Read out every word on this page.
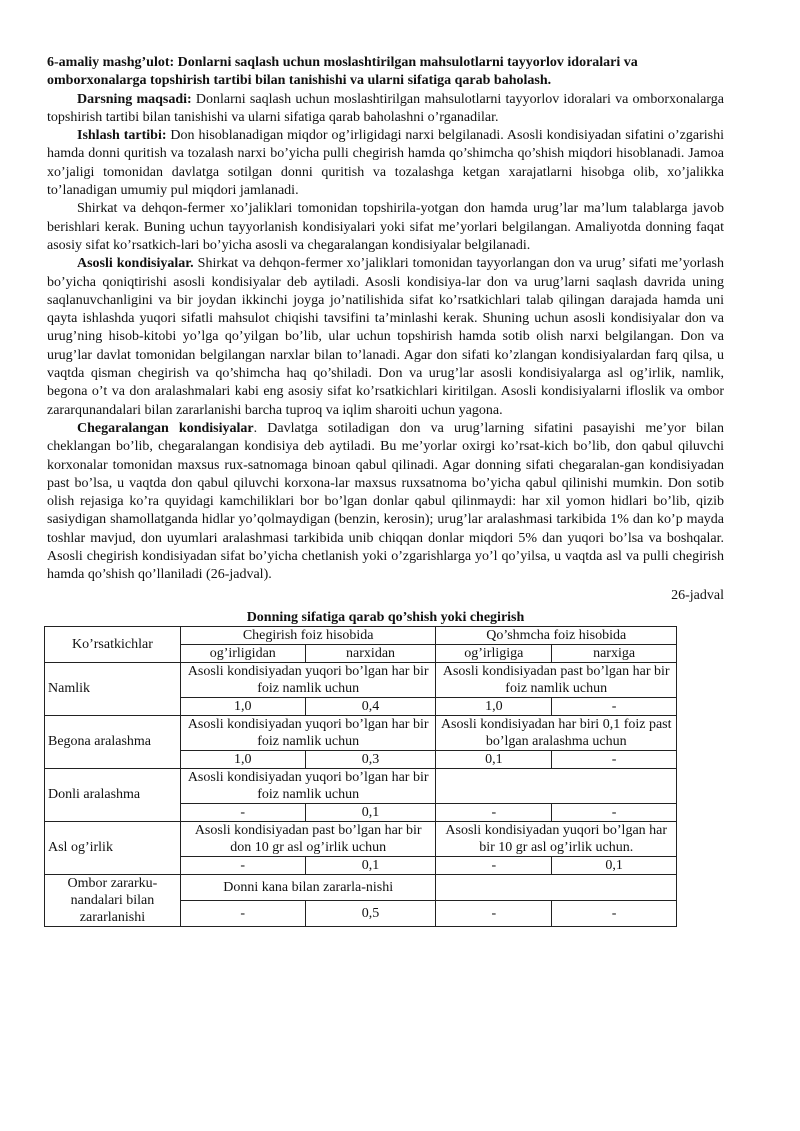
6-amaliy mashg’ulot: Donlarni saqlash uchun moslashtirilgan mahsulotlarni tayyorlov idoralari va omborxonalarga topshirish tartibi bilan tanishishi va ularni sifatiga qarab baholash.

Darsning maqsadi: Donlarni saqlash uchun moslashtirilgan mahsulotlarni tayyorlov idoralari va omborxonalarga topshirish tartibi bilan tanishishi va ularni sifatiga qarab baholashni o’rganadilar.

Ishlash tartibi: Don hisoblanadigan miqdor og’irligidagi narxi belgilanadi. Asosli kondisiyadan sifatini o’zgarishi hamda donni quritish va tozalash narxi bo’yicha pulli chegirish hamda qo’shimcha qo’shish miqdori hisoblanadi. Jamoa xo’jaligi tomonidan davlatga sotilgan donni quritish va tozalashga ketgan xarajatlarni hisobga olib, xo’jalikka to’lanadigan umumiy pul miqdori jamlanadi.

Shirkat va dehqon-fermer xo’jaliklari tomonidan topshirila-yotgan don hamda urug’lar ma’lum talablarga javob berishlari kerak. Buning uchun tayyorlanish kondisiyalari yoki sifat me’yorlari belgilangan. Amaliyotda donning faqat asosiy sifat ko’rsatkich-lari bo’yicha asosli va chegaralangan kondisiyalar belgilanadi.

Asosli kondisiyalar. Shirkat va dehqon-fermer xo’jaliklari tomonidan tayyorlangan don va urug’ sifati me’yorlash bo’yicha qoniqtirishi asosli kondisiyalar deb aytiladi. Asosli kondisiya-lar don va urug’larni saqlash davrida uning saqlanuvchanligini va bir joydan ikkinchi joyga jo’natilishida sifat ko’rsatkichlari talab qilingan darajada hamda uni qayta ishlashda yuqori sifatli mahsulot chiqishi tavsifini ta’minlashi kerak. Shuning uchun asosli kondisiyalar don va urug’ning hisob-kitobi yo’lga qo’yilgan bo’lib, ular uchun topshirish hamda sotib olish narxi belgilangan. Don va urug’lar davlat tomonidan belgilangan narxlar bilan to’lanadi. Agar don sifati ko’zlangan kondisiyalardan farq qilsa, u vaqtda qisman chegirish va qo’shimcha haq qo’shiladi. Don va urug’lar asosli kondisiyalarga asl og’irlik, namlik, begona o’t va don aralashmalari kabi eng asosiy sifat ko’rsatkichlari kiritilgan. Asosli kondisiyalarni ifloslik va ombor zararqunandalari bilan zararlanishi barcha tuproq va iqlim sharoiti uchun yagona.

Chegaralangan kondisiyalar. Davlatga sotiladigan don va urug’larning sifatini pasayishi me’yor bilan cheklangan bo’lib, chegaralangan kondisiya deb aytiladi. Bu me’yorlar oxirgi ko’rsat-kich bo’lib, don qabul qiluvchi korxonalar tomonidan maxsus rux-satnomaga binoan qabul qilinadi. Agar donning sifati chegaralan-gan kondisiyadan past bo’lsa, u vaqtda don qabul qiluvchi korxona-lar maxsus ruxsatnoma bo’yicha qabul qilinishi mumkin. Don sotib olish rejasiga ko’ra quyidagi kamchiliklari bor bo’lgan donlar qabul qilinmaydi: har xil yomon hidlari bo’lib, qizib sasiydigan shamollatganda hidlar yo’qolmaydigan (benzin, kerosin); urug’lar aralashmasi tarkibida 1% dan ko’p mayda toshlar mavjud, don uyumlari aralashmasi tarkibida unib chiqqan donlar miqdori 5% dan yuqori bo’lsa va boshqalar. Asosli chegirish kondisiyadan sifat bo’yicha chetlanish yoki o’zgarishlarga yo’l qo’yilsa, u vaqtda asl va pulli chegirish hamda qo’shish qo’llaniladi (26-jadval).

26-jadval

Donning sifatiga qarab qo’shish yoki chegirish

Ko’rsatkichlar	Chegirish foiz hisobida		Qo’shmcha foiz hisobida	
	og’irligidan	narxidan	og’irligiga	narxiga
Namlik	Asosli kondisiyadan yuqori bo’lgan har bir foiz namlik uchun		Asosli kondisiyadan past bo’lgan har bir foiz namlik uchun	
	1,0	0,4	1,0	-
Begona aralashma	Asosli kondisiyadan yuqori bo’lgan har bir foiz namlik uchun		Asosli kondisiyadan har biri 0,1 foiz past bo’lgan aralashma uchun	
	1,0	0,3	0,1	-
Donli aralashma	Asosli kondisiyadan yuqori bo’lgan har bir foiz namlik uchun			
	-	0,1	-	-
Asl og’irlik	Asosli kondisiyadan past bo’lgan har bir don 10 gr asl og’irlik uchun		Asosli kondisiyadan yuqori bo’lgan har bir 10 gr asl og’irlik uchun.	
	-	0,1	-	0,1
Ombor zararku-nandalari bilan zararlanishi	Donni kana bilan zararla-nishi			
	-	0,5	-	-
